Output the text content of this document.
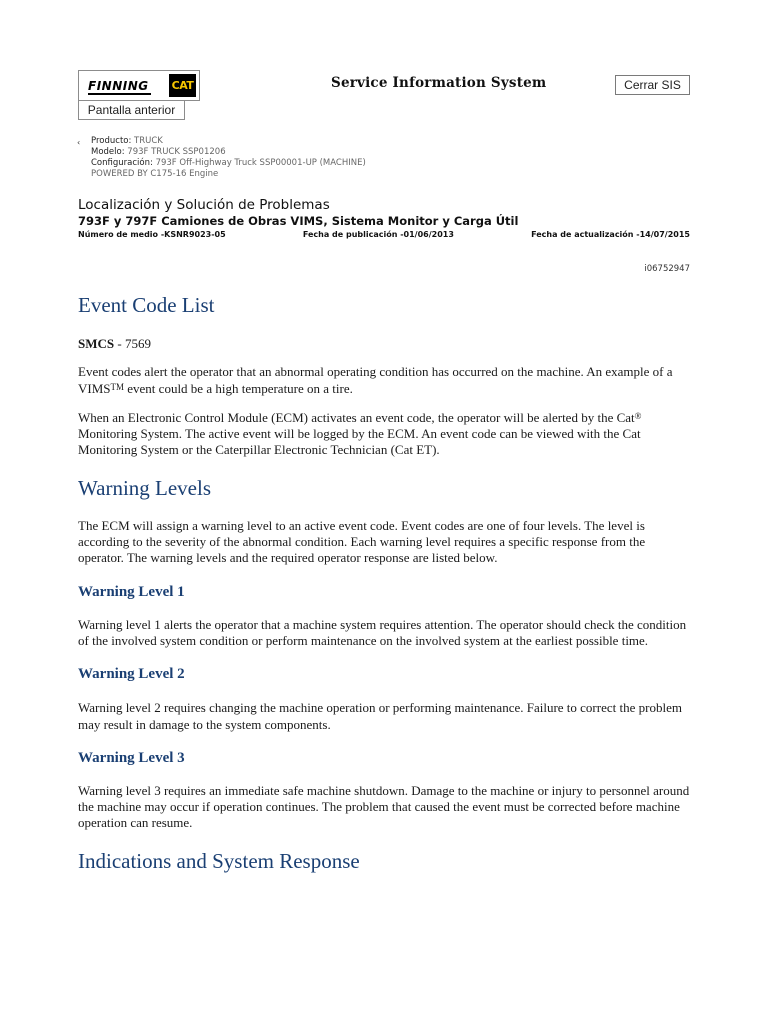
FINNING CAT
Pantalla anterior
Service Information System	Cerrar SIS
‹	Producto: TRUCK
Modelo: 793F TRUCK SSP01206
Configuración: 793F Off-Highway Truck SSP00001-UP (MACHINE)
POWERED BY C175-16 Engine
Localización y Solución de Problemas
793F y 797F Camiones de Obras VIMS, Sistema Monitor y Carga Útil
Número de medio -KSNR9023-05	Fecha de publicación -01/06/2013	Fecha de actualización -14/07/2015
i06752947
Event Code List

SMCS - 7569

Event codes alert the operator that an abnormal operating condition has occurred on the machine. An example of a VIMS™ event could be a high temperature on a tire.

When an Electronic Control Module (ECM) activates an event code, the operator will be alerted by the Cat® Monitoring System. The active event will be logged by the ECM. An event code can be viewed with the Cat Monitoring System or the Caterpillar Electronic Technician (Cat ET).

Warning Levels

The ECM will assign a warning level to an active event code. Event codes are one of four levels. The level is according to the severity of the abnormal condition. Each warning level requires a specific response from the operator. The warning levels and the required operator response are listed below.

Warning Level 1

Warning level 1 alerts the operator that a machine system requires attention. The operator should check the condition of the involved system condition or perform maintenance on the involved system at the earliest possible time.

Warning Level 2

Warning level 2 requires changing the machine operation or performing maintenance. Failure to correct the problem may result in damage to the system components.

Warning Level 3

Warning level 3 requires an immediate safe machine shutdown. Damage to the machine or injury to personnel around the machine may occur if operation continues. The problem that caused the event must be corrected before machine operation can resume.

Indications and System Response
